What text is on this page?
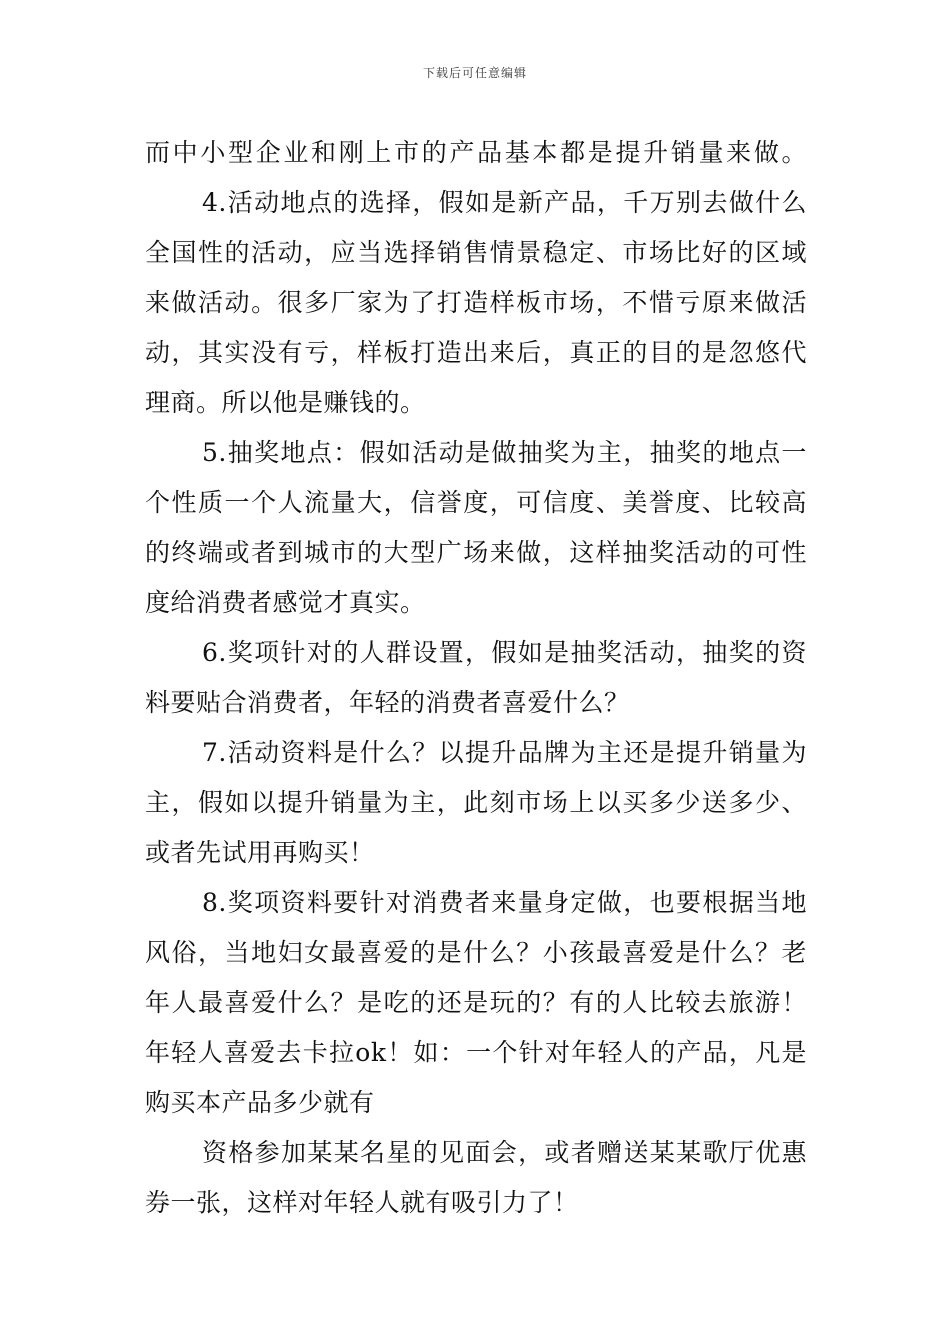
下载后可任意编辑
而中小型企业和刚上市的产品基本都是提升销量来做。
4.活动地点的选择，假如是新产品，千万别去做什么
全国性的活动，应当选择销售情景稳定、市场比好的区域
来做活动。很多厂家为了打造样板市场，不惜亏原来做活
动，其实没有亏，样板打造出来后，真正的目的是忽悠代
理商。所以他是赚钱的。
5.抽奖地点：假如活动是做抽奖为主，抽奖的地点一
个性质一个人流量大，信誉度，可信度、美誉度、比较高
的终端或者到城市的大型广场来做，这样抽奖活动的可性
度给消费者感觉才真实。
6.奖项针对的人群设置，假如是抽奖活动，抽奖的资
料要贴合消费者，年轻的消费者喜爱什么？
7.活动资料是什么？以提升品牌为主还是提升销量为
主，假如以提升销量为主，此刻市场上以买多少送多少、
或者先试用再购买！
8.奖项资料要针对消费者来量身定做，也要根据当地
风俗，当地妇女最喜爱的是什么？小孩最喜爱是什么？老
年人最喜爱什么？是吃的还是玩的？有的人比较去旅游！
年轻人喜爱去卡拉ok！如：一个针对年轻人的产品，凡是
购买本产品多少就有
资格参加某某名星的见面会，或者赠送某某歌厅优惠
券一张，这样对年轻人就有吸引力了！
